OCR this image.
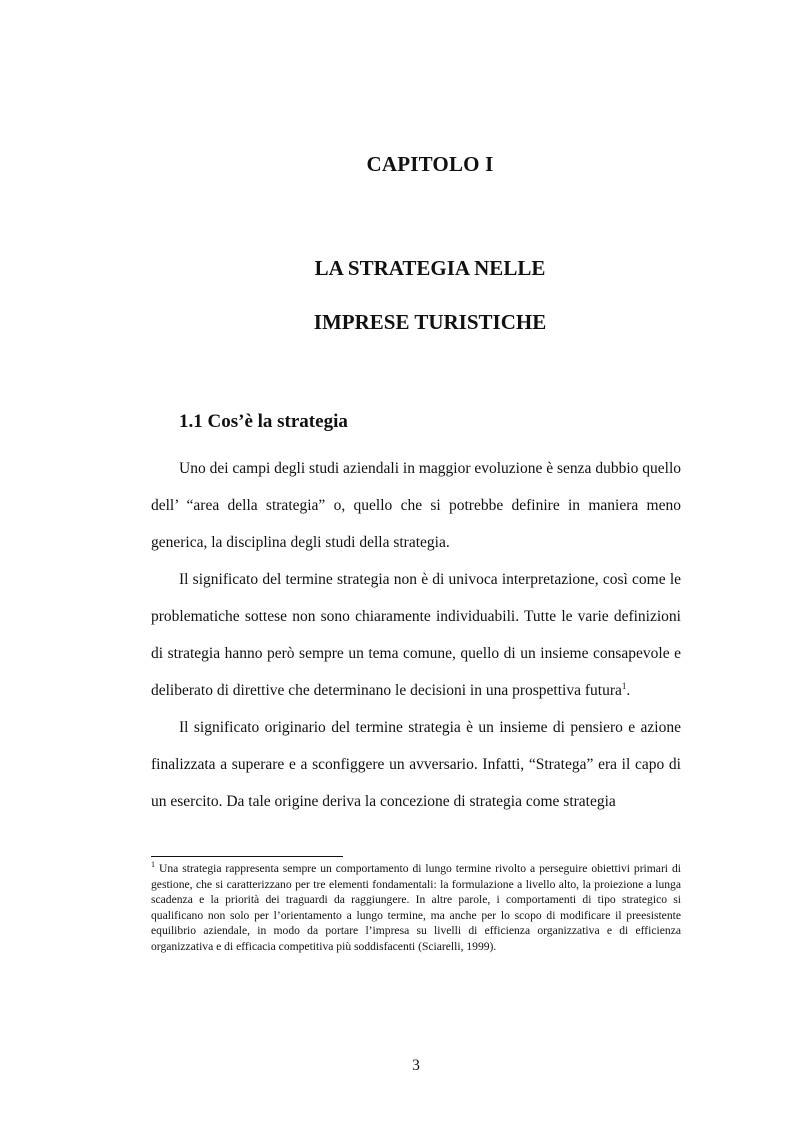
CAPITOLO I
LA STRATEGIA NELLE
IMPRESE TURISTICHE
1.1 Cos’è la strategia

Uno dei campi degli studi aziendali in maggior evoluzione è senza dubbio quello dell’ “area della strategia” o, quello che si potrebbe definire in maniera meno generica, la disciplina degli studi della strategia.

Il significato del termine strategia non è di univoca interpretazione, così come le problematiche sottese non sono chiaramente individuabili. Tutte le varie definizioni di strategia hanno però sempre un tema comune, quello di un insieme consapevole e deliberato di direttive che determinano le decisioni in una prospettiva futura$^1$.

Il significato originario del termine strategia è un insieme di pensiero e azione finalizzata a superare e a sconfiggere un avversario. Infatti, “Stratega” era il capo di un esercito. Da tale origine deriva la concezione di strategia come strategia

$^1$ Una strategia rappresenta sempre un comportamento di lungo termine rivolto a perseguire obiettivi primari di gestione, che si caratterizzano per tre elementi fondamentali: la formulazione a livello alto, la proiezione a lunga scadenza e la priorità dei traguardi da raggiungere. In altre parole, i comportamenti di tipo strategico si qualificano non solo per l’orientamento a lungo termine, ma anche per lo scopo di modificare il preesistente equilibrio aziendale, in modo da portare l’impresa su livelli di efficienza organizzativa e di efficienza organizzativa e di efficacia competitiva più soddisfacenti (Sciarelli, 1999).
3
